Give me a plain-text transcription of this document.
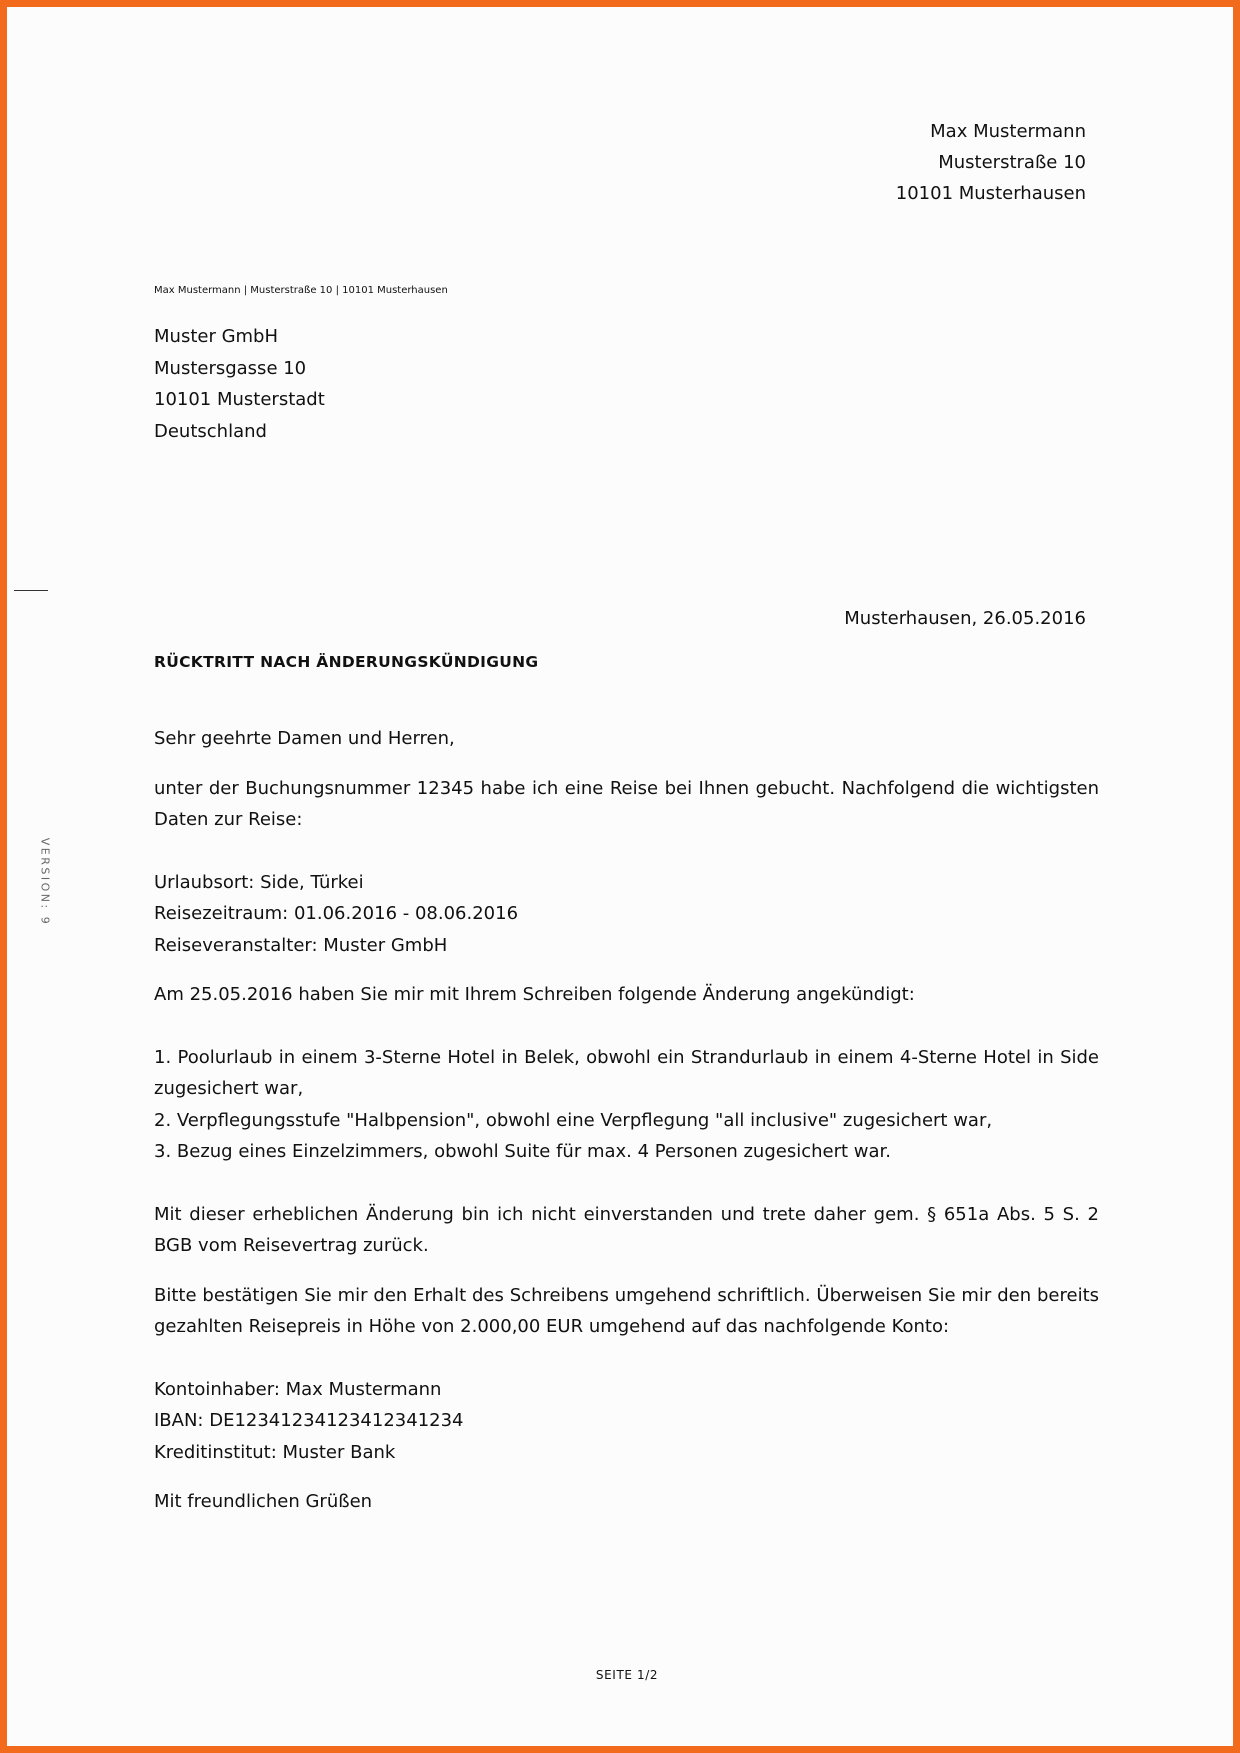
Max Mustermann
Musterstraße 10
10101 Musterhausen
Max Mustermann | Musterstraße 10 | 10101 Musterhausen
Muster GmbH
Mustersgasse 10
10101 Musterstadt
Deutschland
VERSION: 9
Musterhausen, 26.05.2016
RÜCKTRITT NACH ÄNDERUNGSKÜNDIGUNG

Sehr geehrte Damen und Herren,

unter der Buchungsnummer 12345 habe ich eine Reise bei Ihnen gebucht. Nachfolgend die wichtigsten Daten zur Reise:

Urlaubsort: Side, Türkei

Reisezeitraum: 01.06.2016 - 08.06.2016

Reiseveranstalter: Muster GmbH

Am 25.05.2016 haben Sie mir mit Ihrem Schreiben folgende Änderung angekündigt:

1. Poolurlaub in einem 3-Sterne Hotel in Belek, obwohl ein Strandurlaub in einem 4-Sterne Hotel in Side zugesichert war,

2. Verpflegungsstufe "Halbpension", obwohl eine Verpflegung "all inclusive" zugesichert war,

3. Bezug eines Einzelzimmers, obwohl Suite für max. 4 Personen zugesichert war.

Mit dieser erheblichen Änderung bin ich nicht einverstanden und trete daher gem. § 651a Abs. 5 S. 2 BGB vom Reisevertrag zurück.

Bitte bestätigen Sie mir den Erhalt des Schreibens umgehend schriftlich. Überweisen Sie mir den bereits gezahlten Reisepreis in Höhe von 2.000,00 EUR umgehend auf das nachfolgende Konto:

Kontoinhaber: Max Mustermann

IBAN: DE12341234123412341234

Kreditinstitut: Muster Bank

Mit freundlichen Grüßen

SEITE 1/2
